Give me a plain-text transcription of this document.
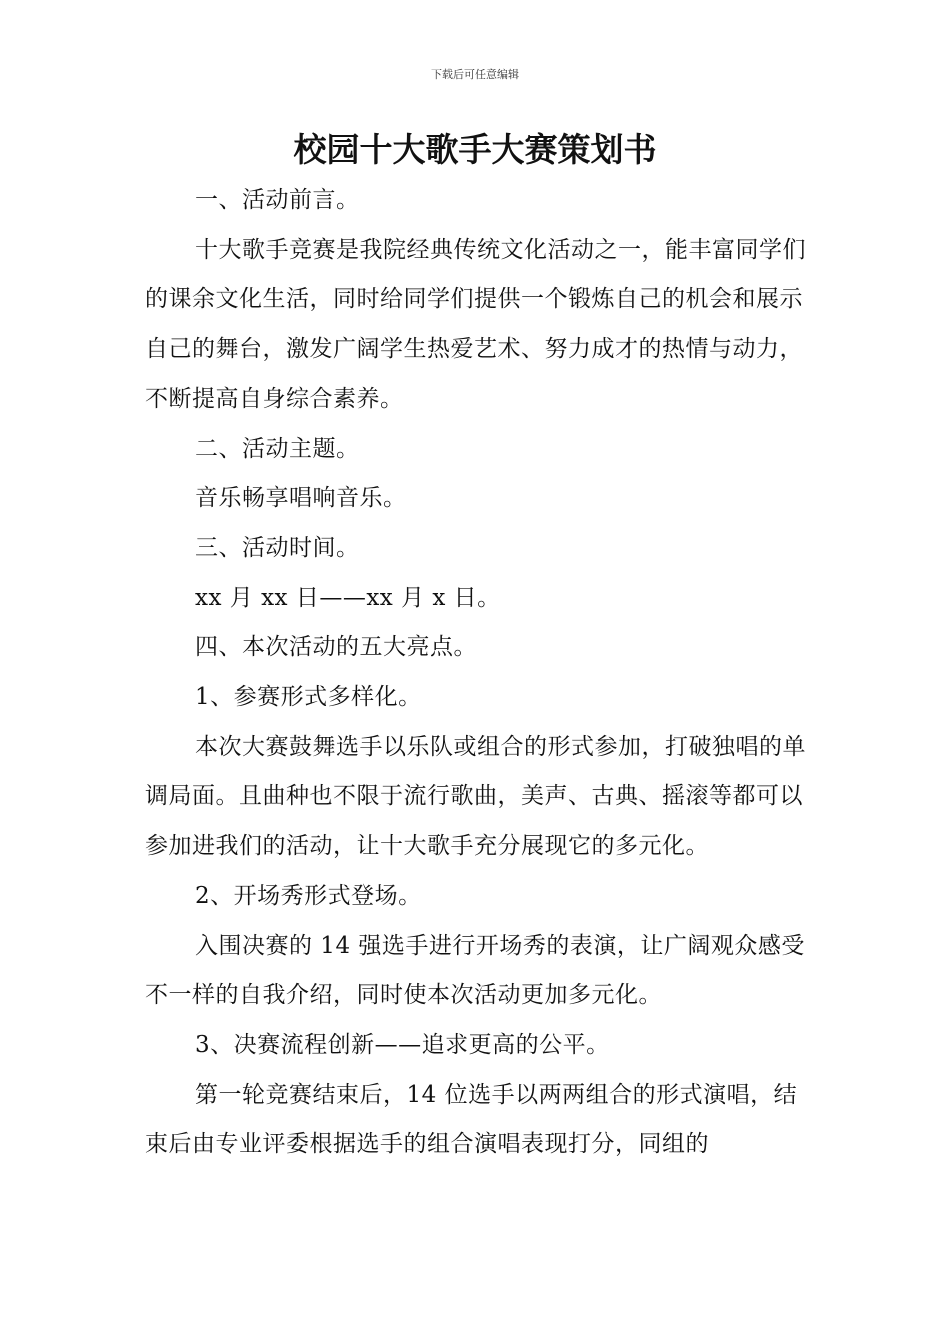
下载后可任意编辑
校园十大歌手大赛策划书

一、活动前言。

十大歌手竞赛是我院经典传统文化活动之一，能丰富同学们的课余文化生活，同时给同学们提供一个锻炼自己的机会和展示自己的舞台，激发广阔学生热爱艺术、努力成才的热情与动力，不断提高自身综合素养。

二、活动主题。

音乐畅享唱响音乐。

三、活动时间。

xx 月 xx 日——xx 月 x 日。

四、本次活动的五大亮点。

1、参赛形式多样化。

本次大赛鼓舞选手以乐队或组合的形式参加，打破独唱的单调局面。且曲种也不限于流行歌曲，美声、古典、摇滚等都可以参加进我们的活动，让十大歌手充分展现它的多元化。

2、开场秀形式登场。

入围决赛的 14 强选手进行开场秀的表演，让广阔观众感受不一样的自我介绍，同时使本次活动更加多元化。

3、决赛流程创新——追求更高的公平。

第一轮竞赛结束后，14 位选手以两两组合的形式演唱，结束后由专业评委根据选手的组合演唱表现打分，同组的
